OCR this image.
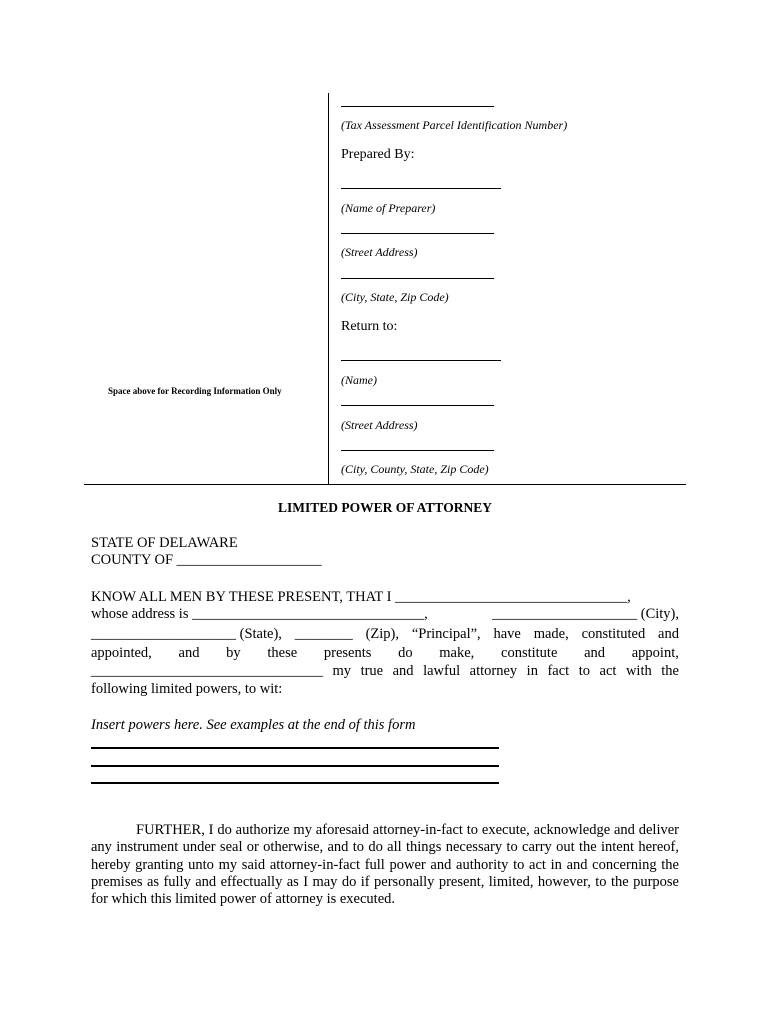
(Tax Assessment Parcel Identification Number)
Prepared By:
(Name of Preparer)
(Street Address)
(City, State, Zip Code)
Return to:
(Name)
(Street Address)
(City, County, State, Zip Code)
Space above for Recording Information Only
LIMITED POWER OF ATTORNEY
STATE OF DELAWARE
COUNTY OF ____________________
KNOW ALL MEN BY THESE PRESENT, THAT I ________________________________,
whose address is ________________________________,	____________________ (City),
____________________ (State), ________ (Zip), “Principal”, have made, constituted and
appointed, and by these presents do make, constitute and appoint,
________________________________ my true and lawful attorney in fact to act with the
following limited powers, to wit:
Insert powers here. See examples at the end of this form
FURTHER, I do authorize my aforesaid attorney-in-fact to execute, acknowledge and deliver any instrument under seal or otherwise, and to do all things necessary to carry out the intent hereof, hereby granting unto my said attorney-in-fact full power and authority to act in and concerning the premises as fully and effectually as I may do if personally present, limited, however, to the purpose for which this limited power of attorney is executed.
